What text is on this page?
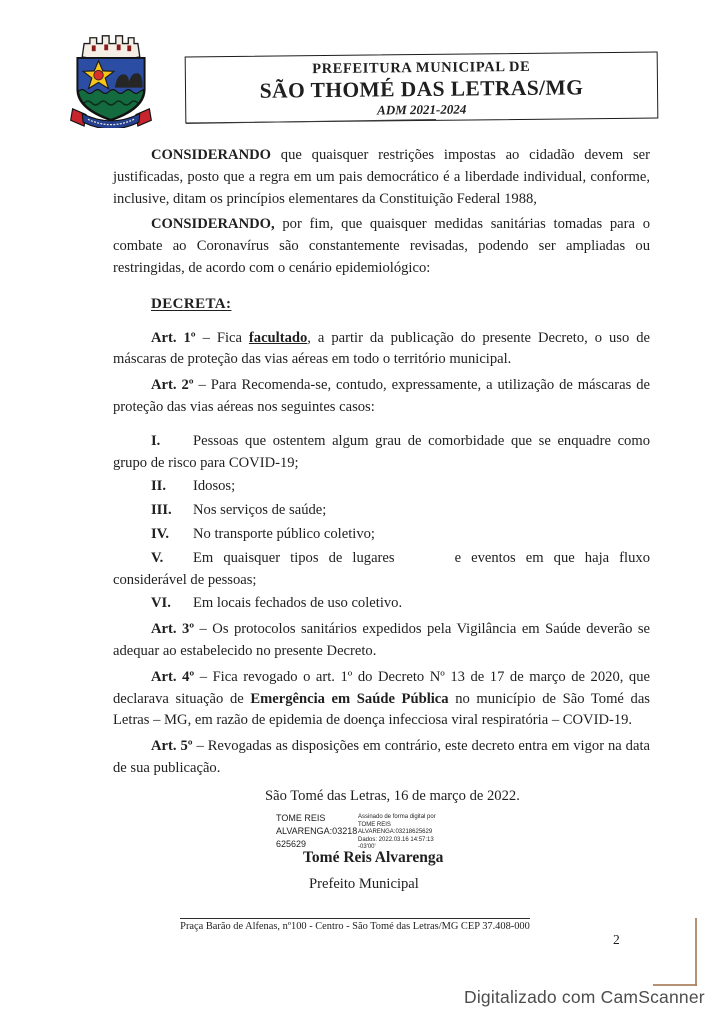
PREFEITURA MUNICIPAL DE
SÃO THOMÉ DAS LETRAS/MG
ADM 2021-2024

CONSIDERANDO que quaisquer restrições impostas ao cidadão devem ser justificadas, posto que a regra em um pais democrático é a liberdade individual, conforme, inclusive, ditam os princípios elementares da Constituição Federal 1988,

CONSIDERANDO, por fim, que quaisquer medidas sanitárias tomadas para o combate ao Coronavírus são constantemente revisadas, podendo ser ampliadas ou restringidas, de acordo com o cenário epidemiológico:

DECRETA:

Art. 1º – Fica facultado, a partir da publicação do presente Decreto, o uso de máscaras de proteção das vias aéreas em todo o território municipal.

Art. 2º – Para Recomenda-se, contudo, expressamente, a utilização de máscaras de proteção das vias aéreas nos seguintes casos:

I. Pessoas que ostentem algum grau de comorbidade que se enquadre como grupo de risco para COVID-19;

II. Idosos;

III. Nos serviços de saúde;

IV. No transporte público coletivo;

V. Em quaisquer tipos de lugares	e eventos em que haja fluxo considerável de pessoas;

VI. Em locais fechados de uso coletivo.

Art. 3º – Os protocolos sanitários expedidos pela Vigilância em Saúde deverão se adequar ao estabelecido no presente Decreto.

Art. 4º – Fica revogado o art. 1º do Decreto Nº 13 de 17 de março de 2020, que declarava situação de Emergência em Saúde Pública no município de São Tomé das Letras – MG, em razão de epidemia de doença infecciosa viral respiratória – COVID-19.

Art. 5º – Revogadas as disposições em contrário, este decreto entra em vigor na data de sua publicação.

São Tomé das Letras, 16 de março de 2022.
TOME REIS
ALVARENGA:03218
625629
Assinado de forma digital por
TOME REIS
ALVARENGA:03218625629
Dados: 2022.03.16 14:57:13
-03'00'
Tomé Reis Alvarenga
Prefeito Municipal
Praça Barão de Alfenas, nº100 - Centro - São Tomé das Letras/MG CEP 37.408-000
2
Digitalizado com CamScanner
